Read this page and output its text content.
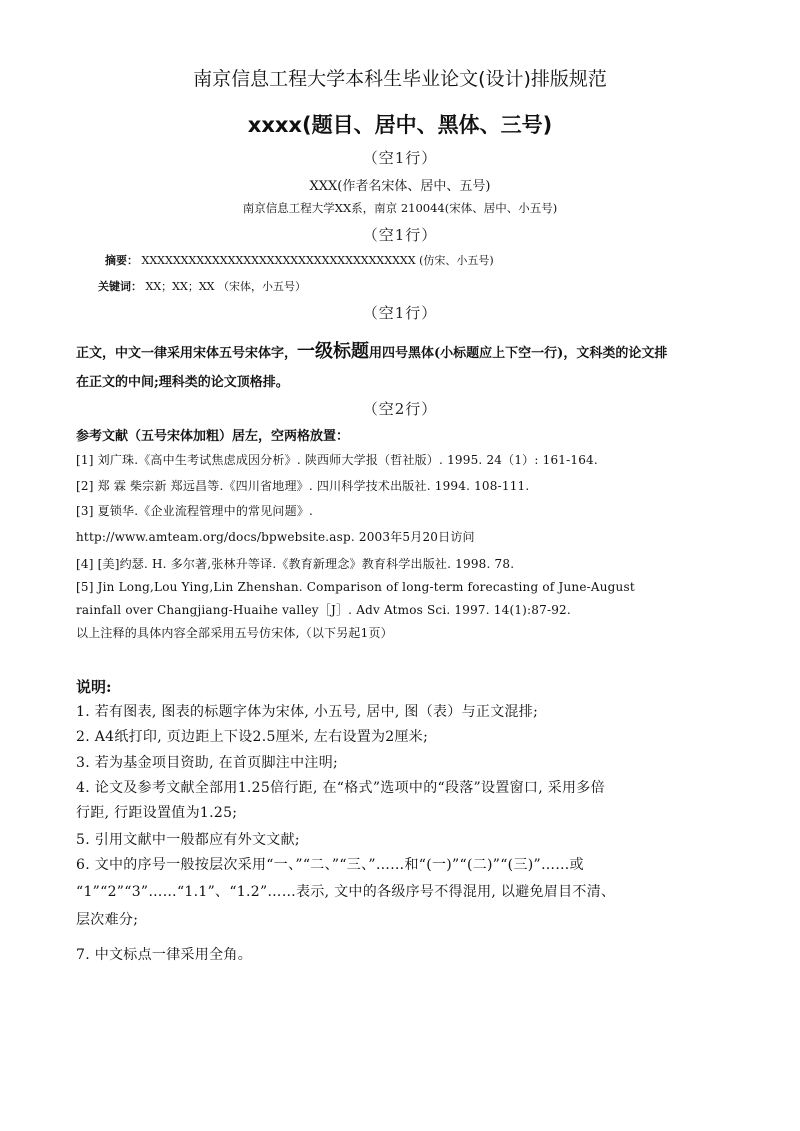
南京信息工程大学本科生毕业论文(设计)排版规范
xxxx(题目、居中、黑体、三号)
（空1行）
XXX(作者名宋体、居中、五号)
南京信息工程大学XX系，南京 210044(宋体、居中、小五号)
（空1行）
摘要： XXXXXXXXXXXXXXXXXXXXXXXXXXXXXXXXXXX (仿宋、小五号)
关键词： XX；XX；XX （宋体，小五号）
（空1行）
正文，中文一律采用宋体五号宋体字，一级标题用四号黑体(小标题应上下空一行)，文科类的论文排
在正文的中间;理科类的论文顶格排。
（空2行）
参考文献（五号宋体加粗）居左，空两格放置：
[1] 刘广珠.《高中生考试焦虑成因分析》. 陕西师大学报（哲社版）. 1995. 24（1）: 161-164.
[2] 郑 霖 柴宗新 郑远昌等.《四川省地理》. 四川科学技术出版社. 1994. 108-111.
[3] 夏锁华.《企业流程管理中的常见问题》.
http://www.amteam.org/docs/bpwebsite.asp. 2003年5月20日访问
[4] [美]约瑟. H. 多尔著,张林升等译.《教育新理念》教育科学出版社. 1998. 78.
[5] Jin Long,Lou Ying,Lin Zhenshan. Comparison of long-term forecasting of June-August
rainfall over Changjiang-Huaihe valley［J］. Adv Atmos Sci. 1997. 14(1):87-92.
以上注释的具体内容全部采用五号仿宋体,（以下另起1页）
说明:
1. 若有图表, 图表的标题字体为宋体, 小五号, 居中, 图（表）与正文混排;
2. A4纸打印, 页边距上下设2.5厘米, 左右设置为2厘米;
3. 若为基金项目资助, 在首页脚注中注明;
4. 论文及参考文献全部用1.25倍行距, 在“格式”选项中的“段落”设置窗口, 采用多倍
行距, 行距设置值为1.25;
5. 引用文献中一般都应有外文文献;
6. 文中的序号一般按层次采用“一、”“二、”“三、”……和“(一)”“(二)”“(三)”……或
“1”“2”“3”……“1.1”、“1.2”……表示, 文中的各级序号不得混用, 以避免眉目不清、
层次难分;
7. 中文标点一律采用全角。
